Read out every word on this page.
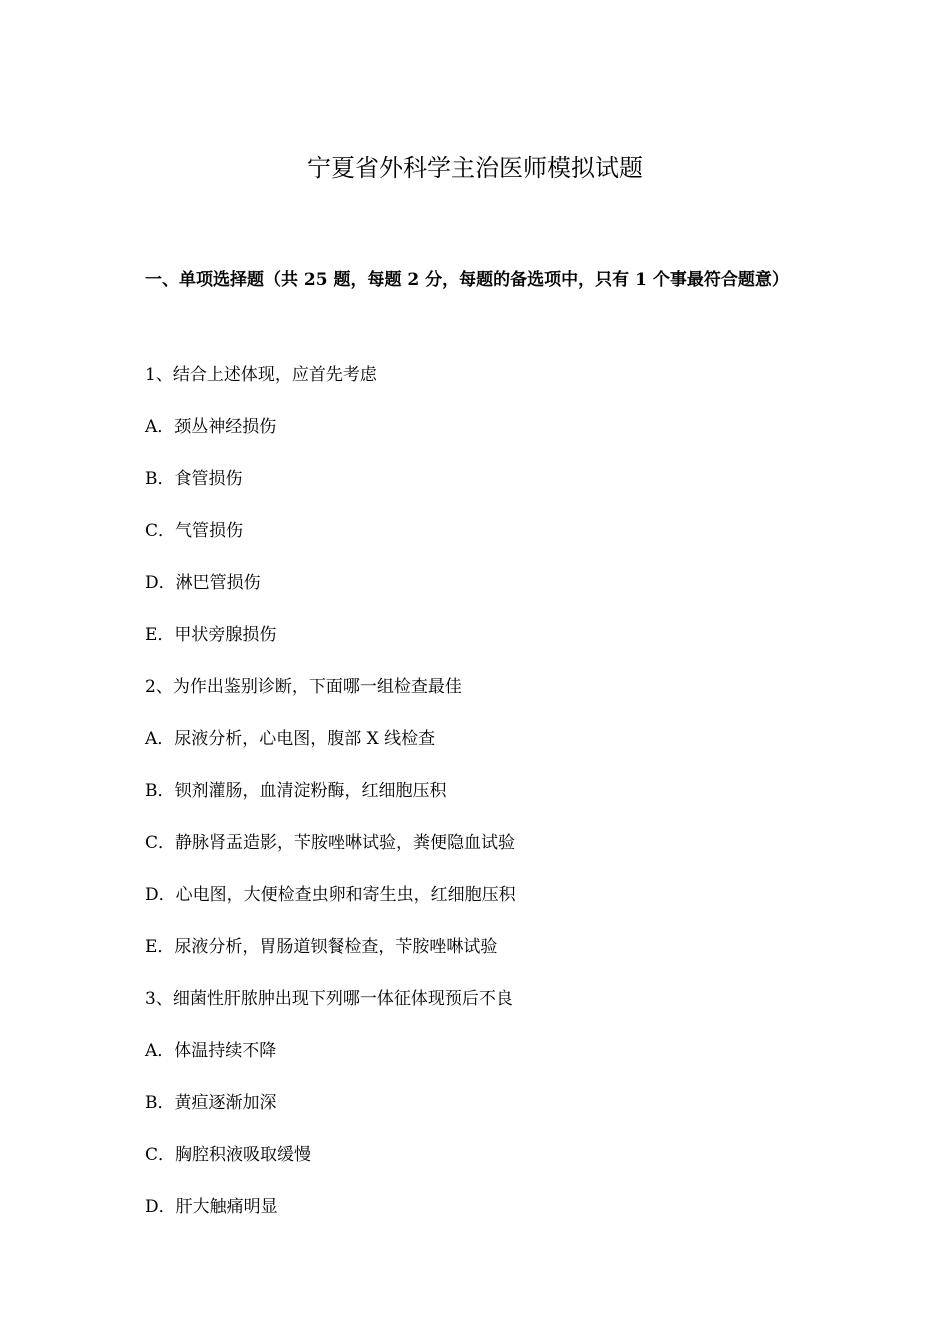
宁夏省外科学主治医师模拟试题

一、单项选择题（共 25 题，每题 2 分，每题的备选项中，只有 1 个事最符合题意）

1、结合上述体现，应首先考虑
A．颈丛神经损伤
B．食管损伤
C．气管损伤
D．淋巴管损伤
E．甲状旁腺损伤
2、为作出鉴别诊断，下面哪一组检查最佳
A．尿液分析，心电图，腹部 X 线检查
B．钡剂灌肠，血清淀粉酶，红细胞压积
C．静脉肾盂造影，苄胺唑啉试验，粪便隐血试验
D．心电图，大便检查虫卵和寄生虫，红细胞压积
E．尿液分析，胃肠道钡餐检查，苄胺唑啉试验
3、细菌性肝脓肿出现下列哪一体征体现预后不良
A．体温持续不降
B．黄疸逐渐加深
C．胸腔积液吸取缓慢
D．肝大触痛明显
